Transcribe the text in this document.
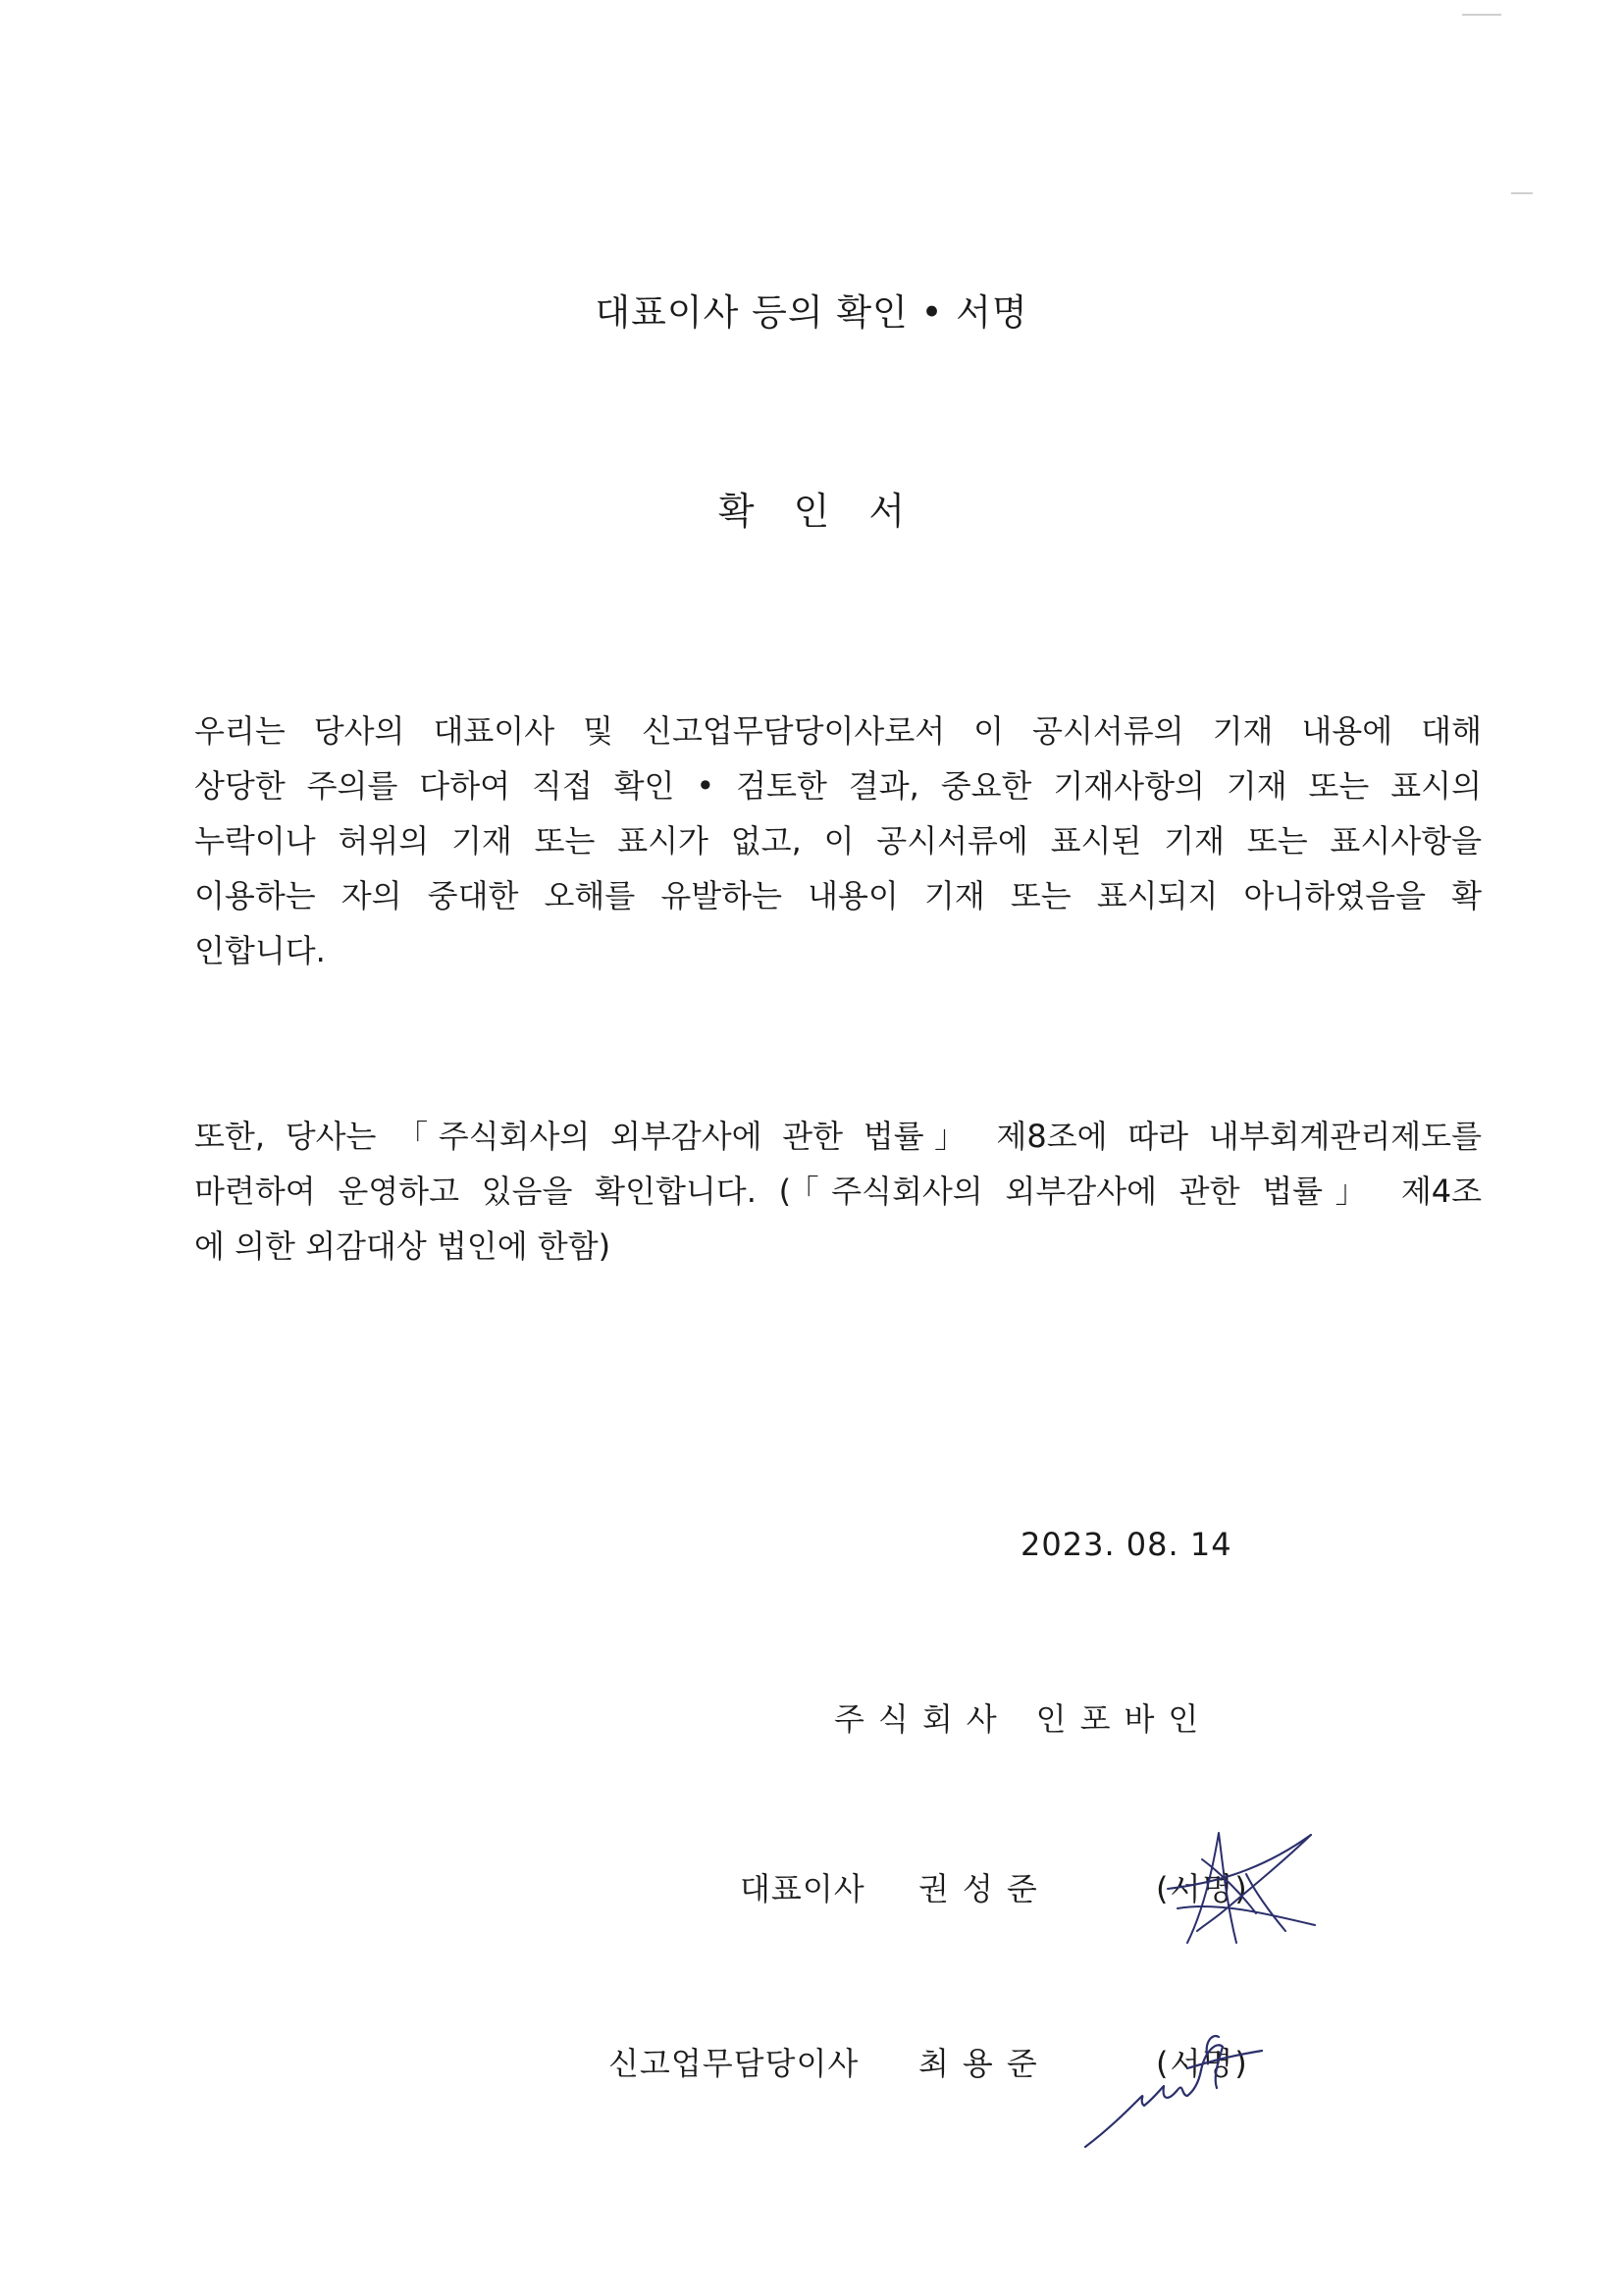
대표이사 등의 확인 • 서명
확 인 서
우리는 당사의 대표이사 및 신고업무담당이사로서 이 공시서류의 기재 내용에 대해
상당한 주의를 다하여 직접 확인 • 검토한 결과, 중요한 기재사항의 기재 또는 표시의
누락이나 허위의 기재 또는 표시가 없고, 이 공시서류에 표시된 기재 또는 표시사항을
이용하는 자의 중대한 오해를 유발하는 내용이 기재 또는 표시되지 아니하였음을 확
인합니다.
또한, 당사는 「주식회사의 외부감사에 관한 법률」 제8조에 따라 내부회계관리제도를
마련하여 운영하고 있음을 확인합니다. (「주식회사의 외부감사에 관한 법률」 제4조
에 의한 외감대상 법인에 한함)
2023. 08. 14
주식회사 인포바인
대표이사 권성준	(서명)
신고업무담당이사 최용준	(서명)
